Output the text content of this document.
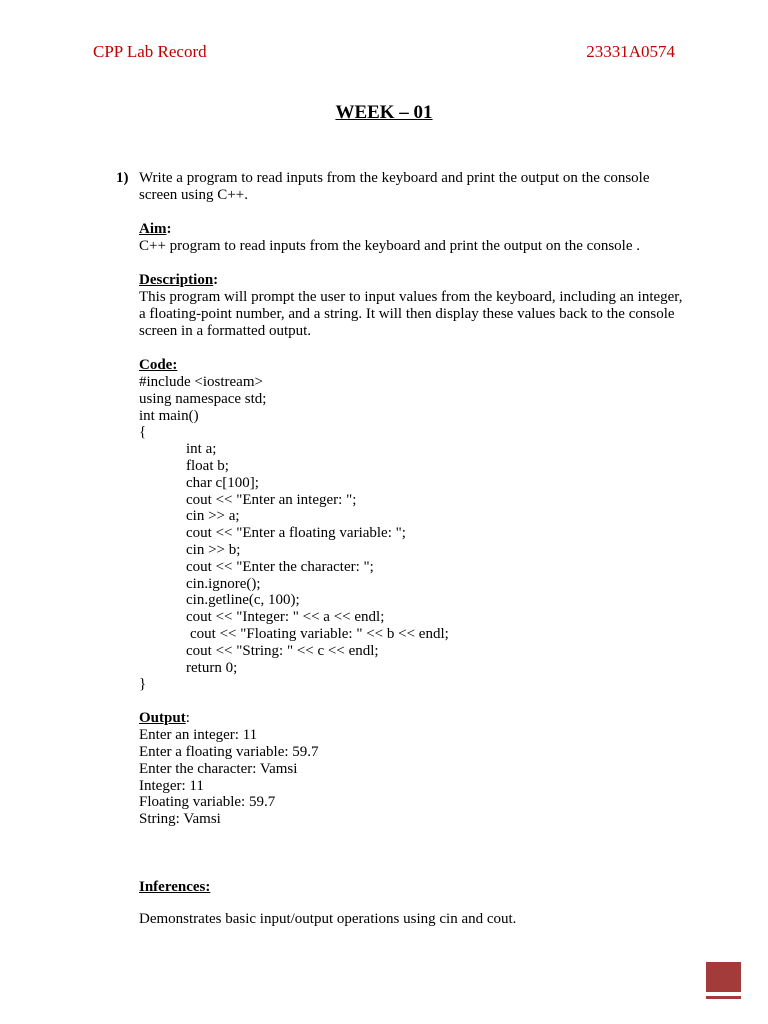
CPP Lab Record	23331A0574
WEEK – 01
1) Write a program to read inputs from the keyboard and print the output on the console screen using C++.

Aim:

C++ program to read inputs from the keyboard and print the output on the console .

Description:

This program will prompt the user to input values from the keyboard, including an integer, a floating-point number, and a string. It will then display these values back to the console screen in a formatted output.

Code:

#include <iostream>
using namespace std;
int main()
{
int a;
float b;
char c[100];
cout << "Enter an integer: ";
cin >> a;
cout << "Enter a floating variable: ";
cin >> b;
cout << "Enter the character: ";
cin.ignore();
cin.getline(c, 100);
cout << "Integer: " << a << endl;
cout << "Floating variable: " << b << endl;
cout << "String: " << c << endl;
return 0;
}

Output:

Enter an integer: 11
Enter a floating variable: 59.7
Enter the character: Vamsi
Integer: 11
Floating variable: 59.7
String: Vamsi

Inferences:

Demonstrates basic input/output operations using cin and cout.
